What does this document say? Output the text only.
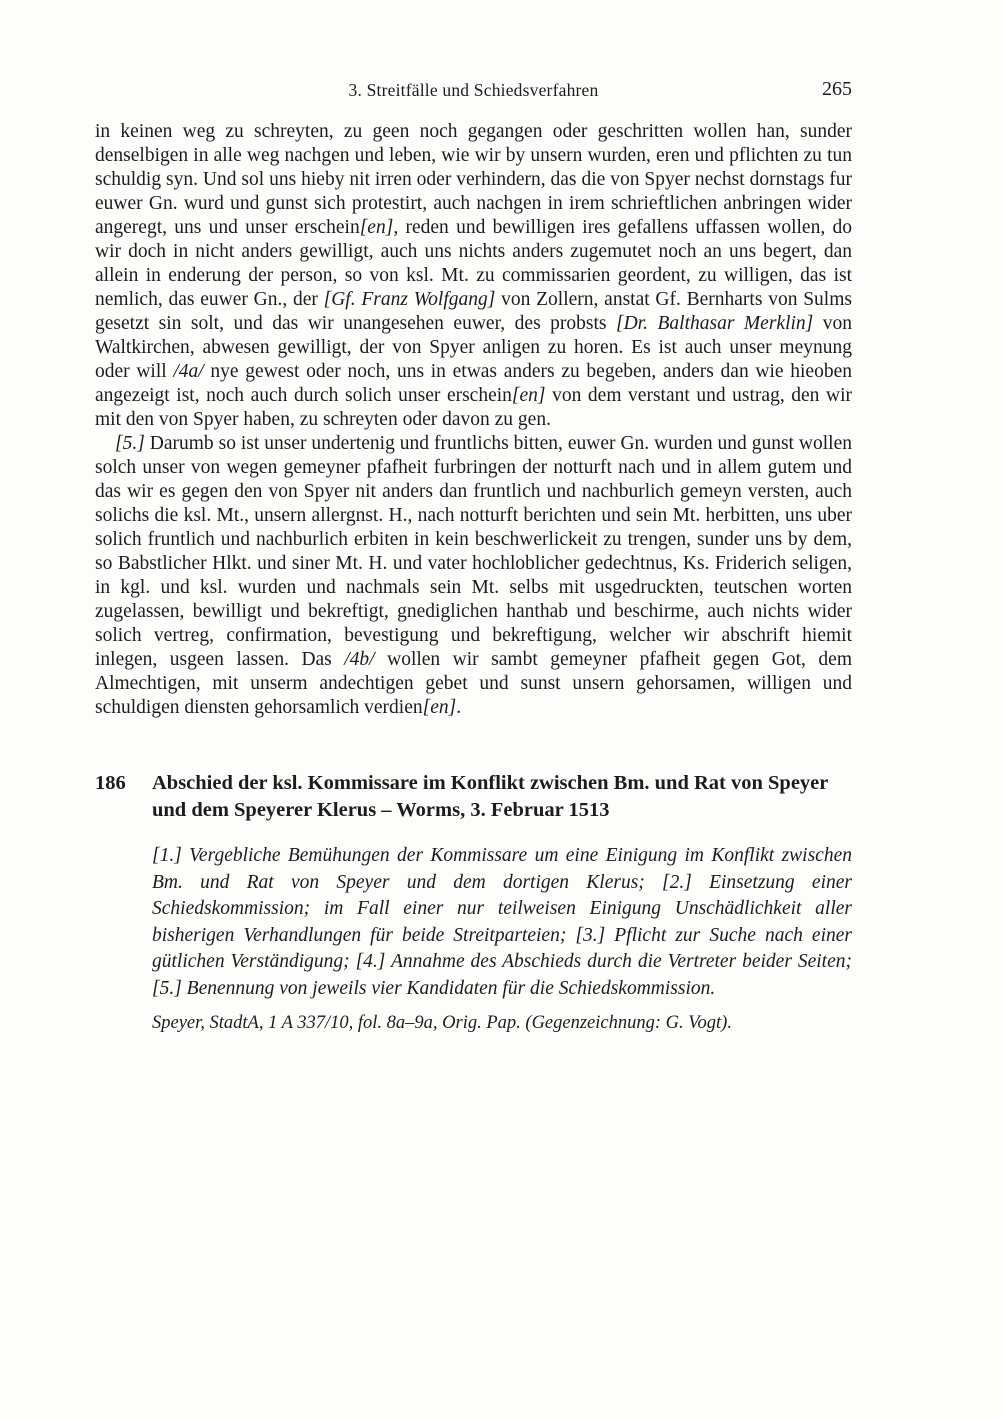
3. Streitfälle und Schiedsverfahren	265

in keinen weg zu schreyten, zu geen noch gegangen oder geschritten wollen han, sunder denselbigen in alle weg nachgen und leben, wie wir by unsern wurden, eren und pflichten zu tun schuldig syn. Und sol uns hieby nit irren oder verhindern, das die von Spyer nechst dornstags fur euwer Gn. wurd und gunst sich protestirt, auch nachgen in irem schrieftlichen anbringen wider angeregt, uns und unser erschein[en], reden und bewilligen ires gefallens uffassen wollen, do wir doch in nicht anders gewilligt, auch uns nichts anders zugemutet noch an uns begert, dan allein in enderung der person, so von ksl. Mt. zu commissarien geordent, zu willigen, das ist nemlich, das euwer Gn., der [Gf. Franz Wolfgang] von Zollern, anstat Gf. Bernharts von Sulms gesetzt sin solt, und das wir unangesehen euwer, des probsts [Dr. Balthasar Merklin] von Waltkirchen, abwesen gewilligt, der von Spyer anligen zu horen. Es ist auch unser meynung oder will /4a/ nye gewest oder noch, uns in etwas anders zu begeben, anders dan wie hieoben angezeigt ist, noch auch durch solich unser erschein[en] von dem verstant und ustrag, den wir mit den von Spyer haben, zu schreyten oder davon zu gen.

[5.] Darumb so ist unser undertenig und fruntlichs bitten, euwer Gn. wurden und gunst wollen solch unser von wegen gemeyner pfafheit furbringen der notturft nach und in allem gutem und das wir es gegen den von Spyer nit anders dan fruntlich und nachburlich gemeyn versten, auch solichs die ksl. Mt., unsern allergnst. H., nach notturft berichten und sein Mt. herbitten, uns uber solich fruntlich und nachburlich erbiten in kein beschwerlickeit zu trengen, sunder uns by dem, so Babstlicher Hlkt. und siner Mt. H. und vater hochloblicher gedechtnus, Ks. Friderich seligen, in kgl. und ksl. wurden und nachmals sein Mt. selbs mit usgedruckten, teutschen worten zugelassen, bewilligt und bekreftigt, gnediglichen hanthab und beschirme, auch nichts wider solich vertreg, confirmation, bevestigung und bekreftigung, welcher wir abschrift hiemit inlegen, usgeen lassen. Das /4b/ wollen wir sambt gemeyner pfafheit gegen Got, dem Almechtigen, mit unserm andechtigen gebet und sunst unsern gehorsamen, willigen und schuldigen diensten gehorsamlich verdien[en].

186	Abschied der ksl. Kommissare im Konflikt zwischen Bm. und Rat von Speyer und dem Speyerer Klerus – Worms, 3. Februar 1513

[1.] Vergebliche Bemühungen der Kommissare um eine Einigung im Konflikt zwischen Bm. und Rat von Speyer und dem dortigen Klerus; [2.] Einsetzung einer Schiedskommission; im Fall einer nur teilweisen Einigung Unschädlichkeit aller bisherigen Verhandlungen für beide Streitparteien; [3.] Pflicht zur Suche nach einer gütlichen Verständigung; [4.] Annahme des Abschieds durch die Vertreter beider Seiten; [5.] Benennung von jeweils vier Kandidaten für die Schiedskommission.

Speyer, StadtA, 1 A 337/10, fol. 8a–9a, Orig. Pap. (Gegenzeichnung: G. Vogt).
